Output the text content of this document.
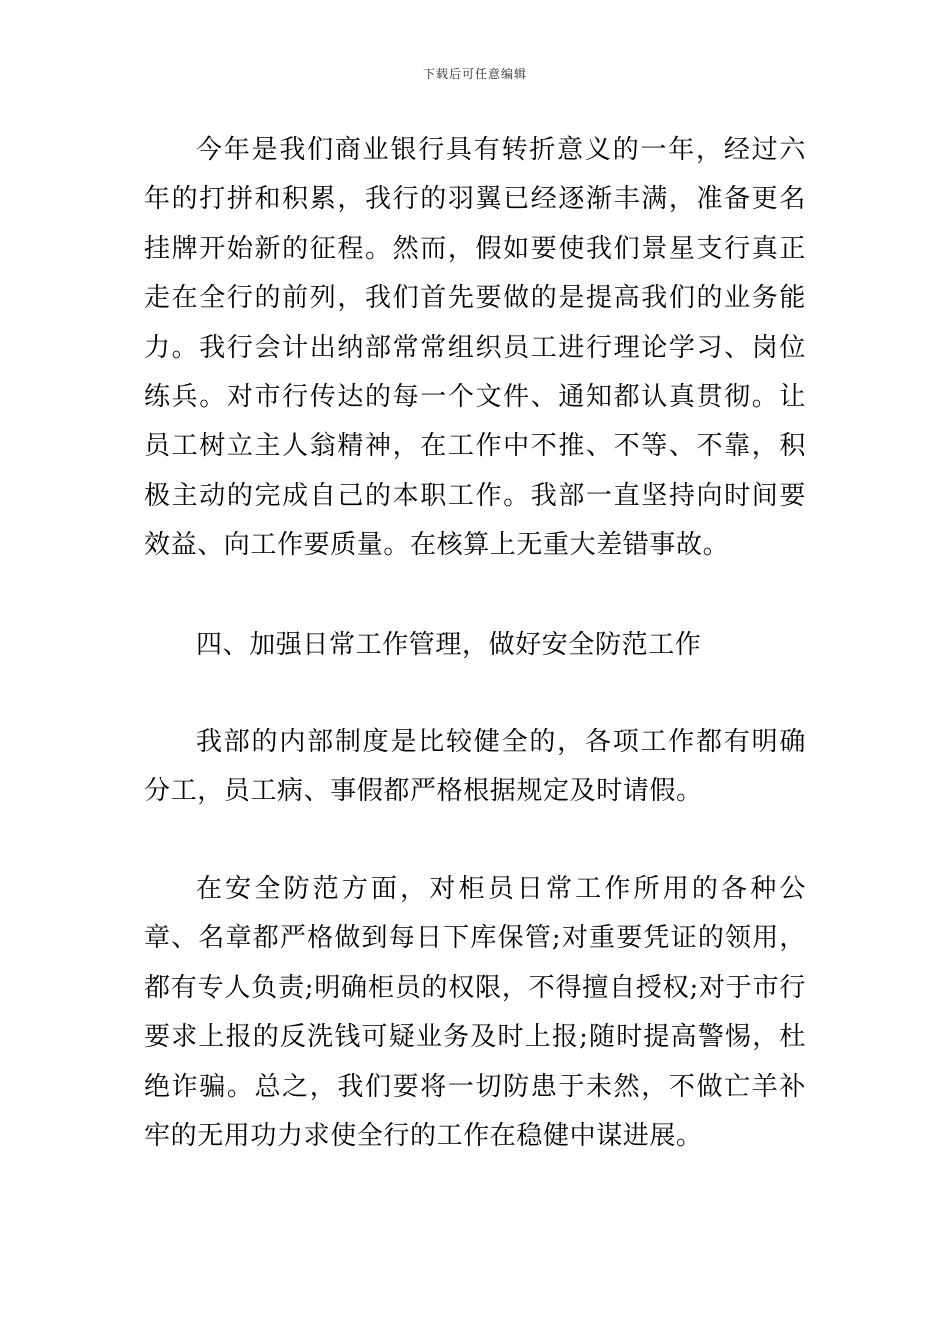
下载后可任意编辑

今年是我们商业银行具有转折意义的一年，经过六年的打拼和积累，我行的羽翼已经逐渐丰满，准备更名挂牌开始新的征程。然而，假如要使我们景星支行真正走在全行的前列，我们首先要做的是提高我们的业务能力。我行会计出纳部常常组织员工进行理论学习、岗位练兵。对市行传达的每一个文件、通知都认真贯彻。让员工树立主人翁精神，在工作中不推、不等、不靠，积极主动的完成自己的本职工作。我部一直坚持向时间要效益、向工作要质量。在核算上无重大差错事故。

四、加强日常工作管理，做好安全防范工作

我部的内部制度是比较健全的，各项工作都有明确分工，员工病、事假都严格根据规定及时请假。

在安全防范方面，对柜员日常工作所用的各种公章、名章都严格做到每日下库保管;对重要凭证的领用，都有专人负责;明确柜员的权限，不得擅自授权;对于市行要求上报的反洗钱可疑业务及时上报;随时提高警惕，杜绝诈骗。总之，我们要将一切防患于未然，不做亡羊补牢的无用功力求使全行的工作在稳健中谋进展。
